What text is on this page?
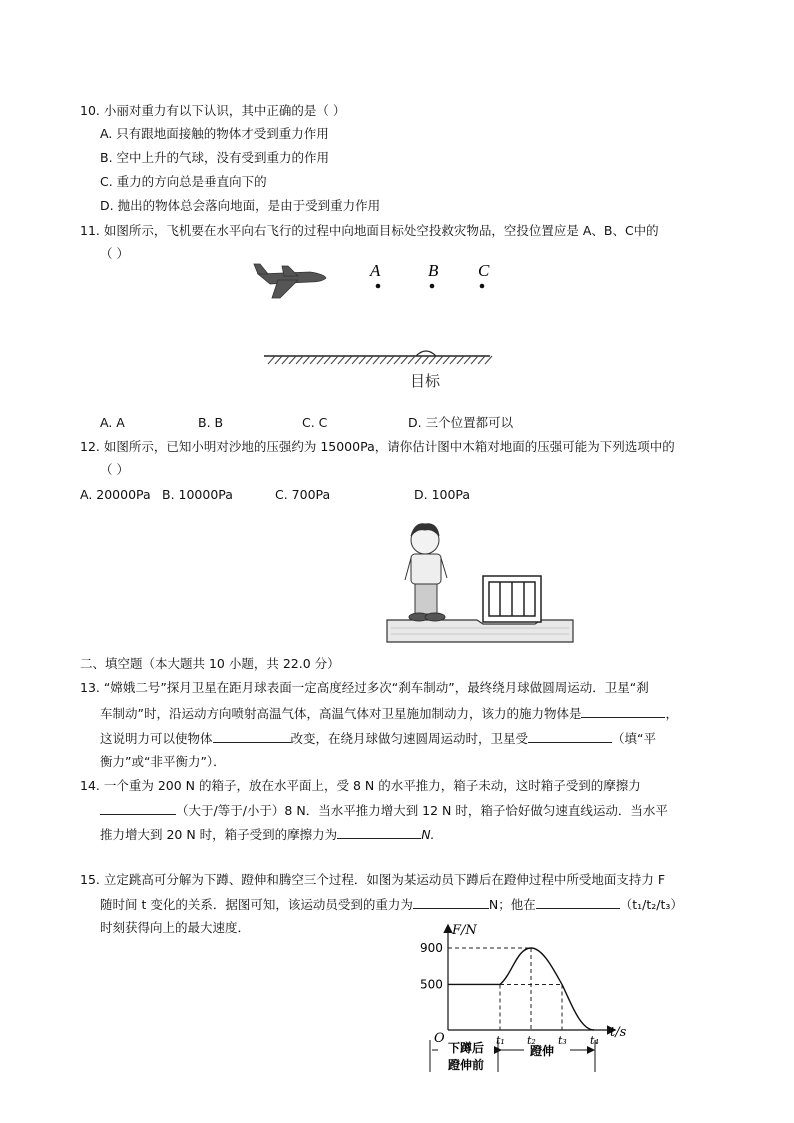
10. 小丽对重力有以下认识，其中正确的是（ ）
A. 只有跟地面接触的物体才受到重力作用
B. 空中上升的气球，没有受到重力的作用
C. 重力的方向总是垂直向下的
D. 抛出的物体总会落向地面，是由于受到重力作用
11. 如图所示，飞机要在水平向右飞行的过程中向地面目标处空投救灾物品，空投位置应是 A、B、C中的
（ ）
A	B C
目标
A. A	B. B	C. C	D. 三个位置都可以
12. 如图所示，已知小明对沙地的压强约为 15000Pa，请你估计图中木箱对地面的压强可能为下列选项中的
（ ）
A. 20000Pa B. 10000Pa	C. 700Pa	D. 100Pa
二、填空题（本大题共 10 小题，共 22.0 分）
13. “嫦娥二号”探月卫星在距月球表面一定高度经过多次“刹车制动”，最终绕月球做圆周运动．卫星“刹
车制动”时，沿运动方向喷射高温气体，高温气体对卫星施加制动力，该力的施力物体是	，
这说明力可以使物体	改变，在绕月球做匀速圆周运动时，卫星受	（填“平
衡力”或“非平衡力”）．
14. 一个重为 200 N 的箱子，放在水平面上，受 8 N 的水平推力，箱子未动，这时箱子受到的摩擦力
（大于/等于/小于）8 N．当水平推力增大到 12 N 时，箱子恰好做匀速直线运动．当水平
推力增大到 20 N 时，箱子受到的摩擦力为	N.
15. 立定跳高可分解为下蹲、蹬伸和腾空三个过程．如图为某运动员下蹲后在蹬伸过程中所受地面支持力 F
随时间 t 变化的关系．据图可知，该运动员受到的重力为	N；他在	（t₁/t₂/t₃）
时刻获得向上的最大速度．	F/N
t/s
O
900
500
t₁ t₂ t₃ t₄
下蹲后
蹬伸前
蹬伸
